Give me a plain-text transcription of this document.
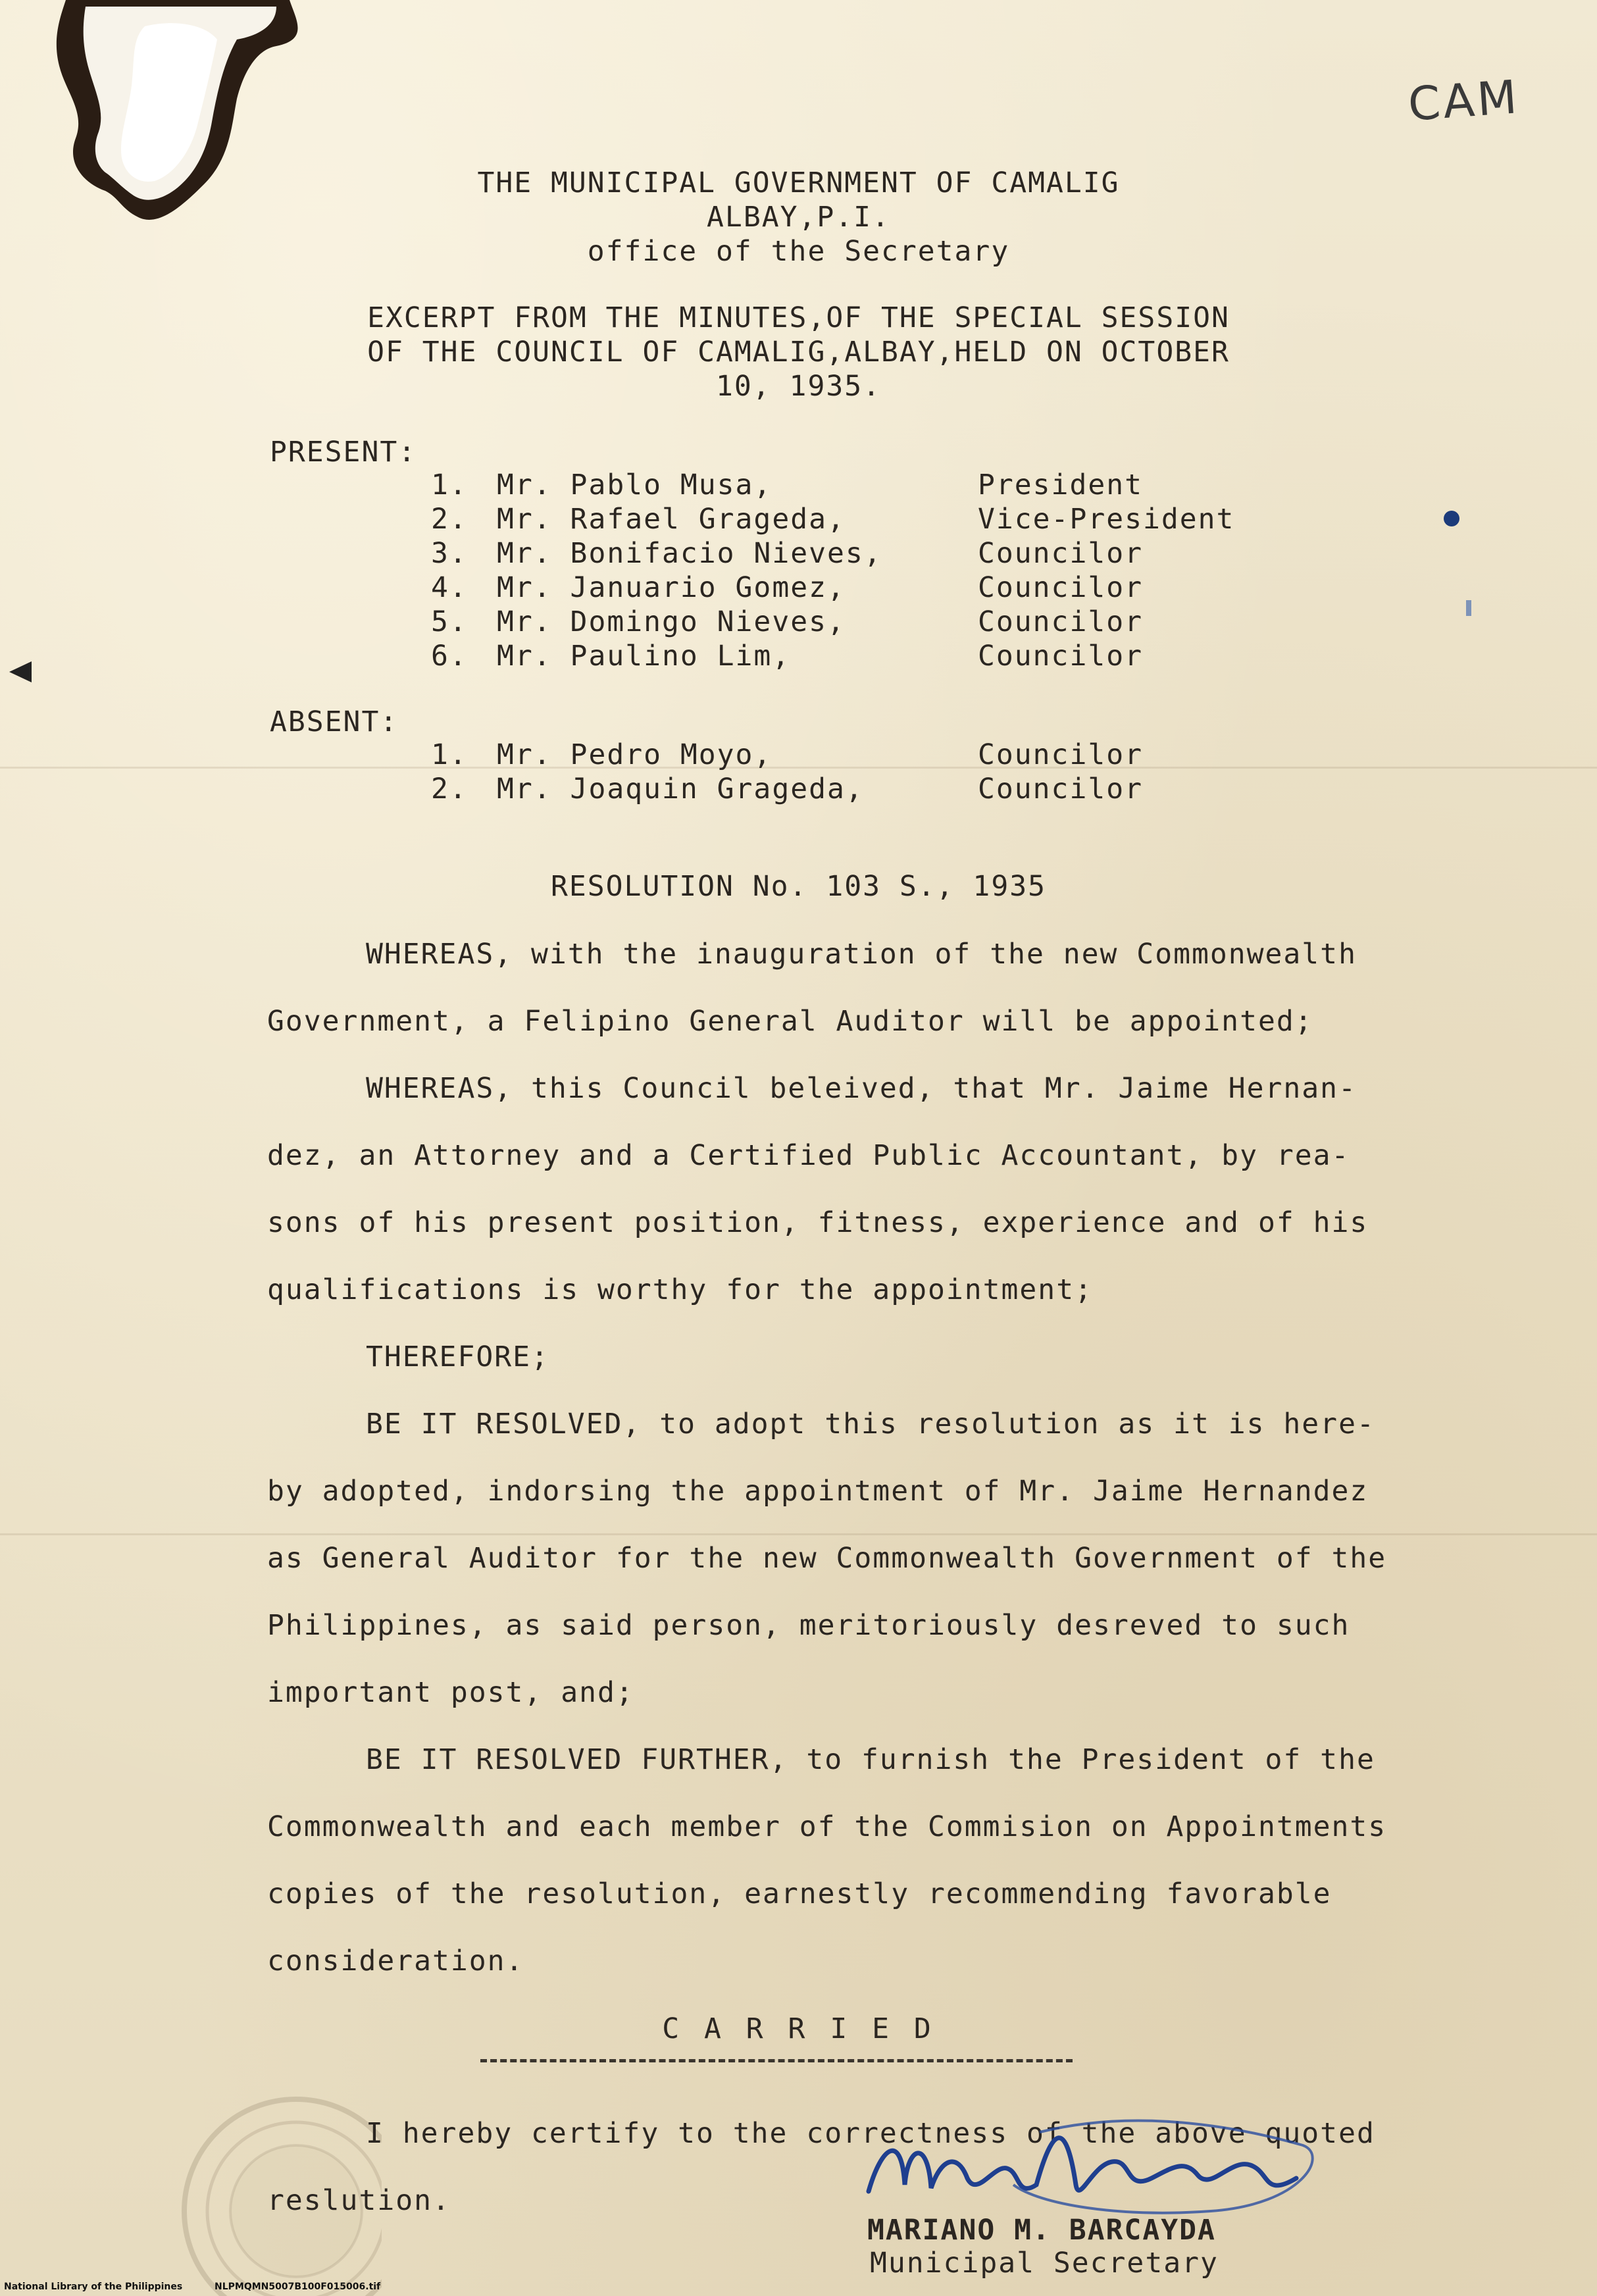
CAM
THE MUNICIPAL GOVERNMENT OF CAMALIG
ALBAY,P.I.
office of the Secretary
EXCERPT FROM THE MINUTES,OF THE SPECIAL SESSION
OF THE COUNCIL OF CAMALIG,ALBAY,HELD ON OCTOBER
10, 1935.
PRESENT:
1. Mr. Pablo Musa,	President
2. Mr. Rafael Grageda,	Vice-President
3. Mr. Bonifacio Nieves,	Councilor
4. Mr. Januario Gomez,	Councilor
5. Mr. Domingo Nieves,	Councilor
6. Mr. Paulino Lim,	Councilor
ABSENT:
1. Mr. Pedro Moyo,	Councilor
2. Mr. Joaquin Grageda,	Councilor
RESOLUTION No. 103 S., 1935
WHEREAS, with the inauguration of the new Commonwealth
Government, a Felipino General Auditor will be appointed;
WHEREAS, this Council beleived, that Mr. Jaime Hernan-
dez, an Attorney and a Certified Public Accountant, by rea-
sons of his present position, fitness, experience and of his
qualifications is worthy for the appointment;
THEREFORE;
BE IT RESOLVED, to adopt this resolution as it is here-
by adopted, indorsing the appointment of Mr. Jaime Hernandez
as General Auditor for the new Commonwealth Government of the
Philippines, as said person, meritoriously desreved to such
important post, and;
BE IT RESOLVED FURTHER, to furnish the President of the
Commonwealth and each member of the Commision on Appointments
copies of the resolution, earnestly recommending favorable
consideration.
C A R R I E D
I hereby certify to the correctness of the above quoted
reslution.
MARIANO M. BARCAYDA
Municipal Secretary
National Library of the Philippines	NLPMQMN5007B100F015006.tif
